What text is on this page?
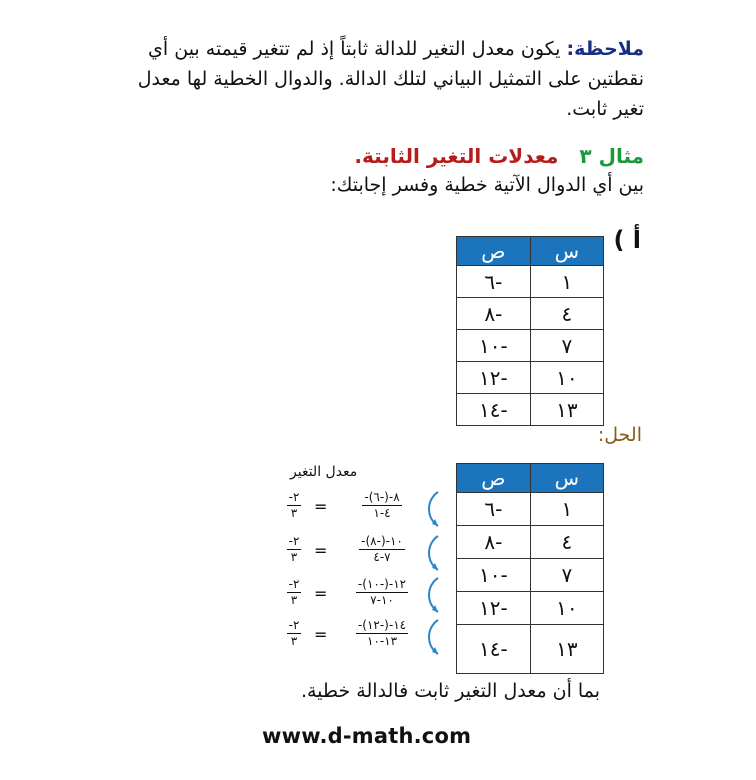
ملاحظة: يكون معدل التغير للدالة ثابتاً إذ لم تتغير قيمته بين أي نقطتين على التمثيل البياني لتلك الدالة. والدوال الخطية لها معدل تغير ثابت.
مثال ٣ معدلات التغير الثابتة.
بين أي الدوال الآتية خطية وفسر إجابتك:
أ )
س	ص
١	-٦
٤	-٨
٧	-١٠
١٠	-١٢
١٣	-١٤
الحل:
معدل التغير
-٢
٣ =	-٨-(-٦)
٤-١
-٢
٣ =	-١٠-(-٨)
٧-٤
-٢
٣ =	-١٢-(-١٠)
١٠-٧
-٢
٣ =	-١٤-(-١٢)
١٣-١٠
س	ص
١	-٦
٤	-٨
٧	-١٠
١٠	-١٢
١٣	-١٤
بما أن معدل التغير ثابت فالدالة خطية.
www.d-math.com
